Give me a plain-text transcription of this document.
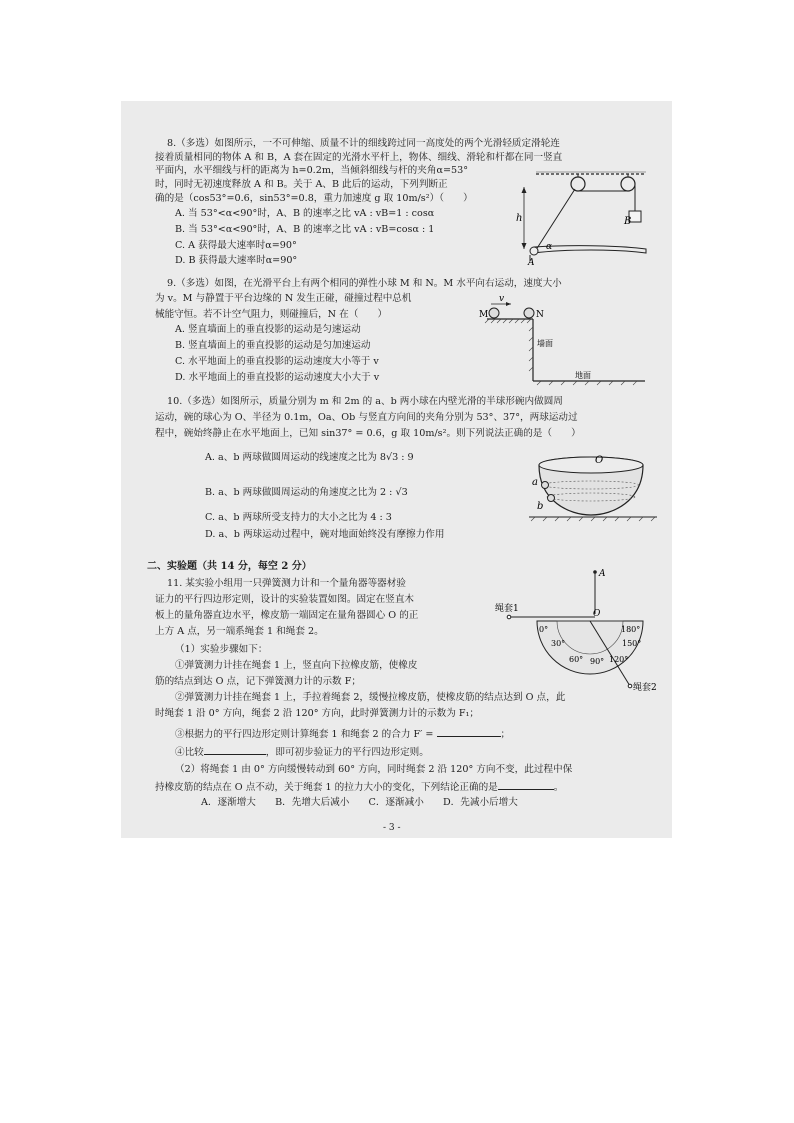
8.（多选）如图所示，一不可伸缩、质量不计的细线跨过同一高度处的两个光滑轻质定滑轮连
接着质量相同的物体 A 和 B，A 套在固定的光滑水平杆上，物体、细线、滑轮和杆都在同一竖直
平面内，水平细线与杆的距离为 h=0.2m，当倾斜细线与杆的夹角α=53°
时，同时无初速度释放 A 和 B。关于 A、B 此后的运动，下列判断正
确的是（cos53°=0.6，sin53°=0.8，重力加速度 g 取 10m/s²）（　　）
A. 当 53°<α<90°时，A、B 的速率之比 vA : vB=1 : cosα
B. 当 53°<α<90°时，A、B 的速率之比 vA : vB=cosα : 1
C. A 获得最大速率时α=90°
D. B 获得最大速率时α=90°
h	B
α
A
9.（多选）如图，在光滑平台上有两个相同的弹性小球 M 和 N。M 水平向右运动，速度大小
为 v。M 与静置于平台边缘的 N 发生正碰，碰撞过程中总机
械能守恒。若不计空气阻力，则碰撞后，N 在（　　）
A. 竖直墙面上的垂直投影的运动是匀速运动
B. 竖直墙面上的垂直投影的运动是匀加速运动
C. 水平地面上的垂直投影的运动速度大小等于 v
D. 水平地面上的垂直投影的运动速度大小大于 v
v
M	N
墙面
地面
10.（多选）如图所示，质量分别为 m 和 2m 的 a、b 两小球在内壁光滑的半球形碗内做圆周
运动，碗的球心为 O、半径为 0.1m，Oa、Ob 与竖直方向间的夹角分别为 53°、37°，两球运动过
程中，碗始终静止在水平地面上，已知 sin37° = 0.6，g 取 10m/s²。则下列说法正确的是（　　）
A. a、b 两球做圆周运动的线速度之比为 8√3 : 9
B. a、b 两球做圆周运动的角速度之比为 2 : √3
C. a、b 两球所受支持力的大小之比为 4 : 3
D. a、b 两球运动过程中，碗对地面始终没有摩擦力作用
O
a
b
二、实验题（共 14 分，每空 2 分）
11. 某实验小组用一只弹簧测力计和一个量角器等器材验
证力的平行四边形定则，设计的实验装置如图。固定在竖直木
板上的量角器直边水平，橡皮筋一端固定在量角器圆心 O 的正
上方 A 点，另一端系绳套 1 和绳套 2。
（1）实验步骤如下：
①弹簧测力计挂在绳套 1 上，竖直向下拉橡皮筋，使橡皮
筋的结点到达 O 点，记下弹簧测力计的示数 F；
②弹簧测力计挂在绳套 1 上，手拉着绳套 2，缓慢拉橡皮筋，使橡皮筋的结点达到 O 点，此
时绳套 1 沿 0° 方向，绳套 2 沿 120° 方向，此时弹簧测力计的示数为 F₁；
③根据力的平行四边形定则计算绳套 1 和绳套 2 的合力 F′ =	；
④比较	，即可初步验证力的平行四边形定则。
（2）将绳套 1 由 0° 方向缓慢转动到 60° 方向，同时绳套 2 沿 120° 方向不变，此过程中保
持橡皮筋的结点在 O 点不动，关于绳套 1 的拉力大小的变化，下列结论正确的是	。
A．逐渐增大　　B．先增大后减小　　C．逐渐减小　　D．先减小后增大
A
绳套1
绳套2
O
0°
30°
60° 90° 120°
150°
180°
- 3 -
